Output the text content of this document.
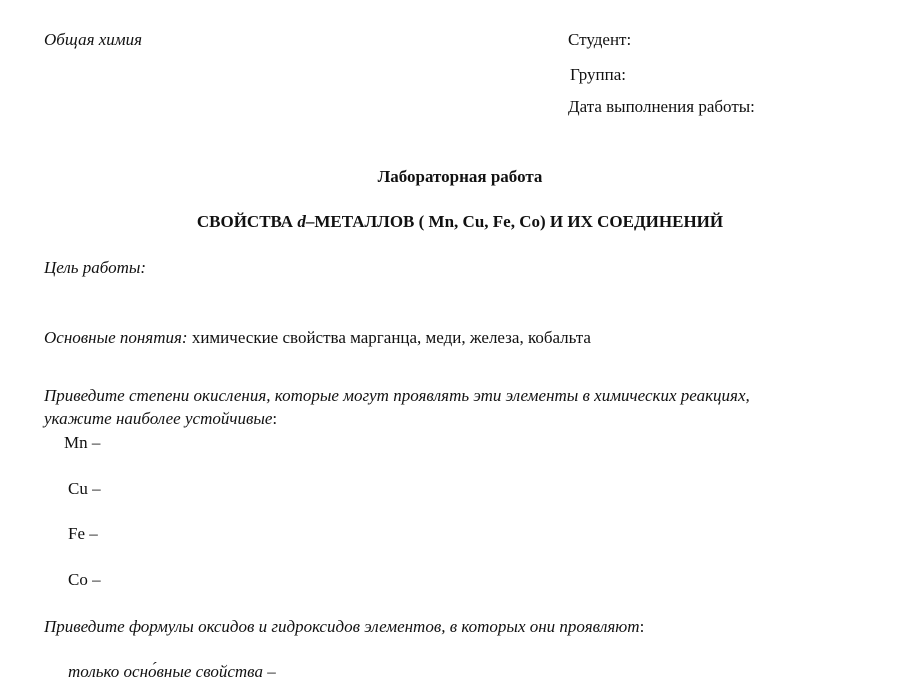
Общая химия	Студент:
Группа:
Дата выполнения работы:
Лабораторная работа
СВОЙСТВА d–МЕТАЛЛОВ ( Mn, Cu, Fe, Co) И ИХ СОЕДИНЕНИЙ
Цель работы:
Основные понятия: химические свойства марганца, меди, железа, кобальта
Приведите степени окисления, которые могут проявлять эти элементы в химических реакциях,
укажите наиболее устойчивые:
Mn –
Cu –
Fe –
Co –
Приведите формулы оксидов и гидроксидов элементов, в которых они проявляют:
только осно́вные свойства –
